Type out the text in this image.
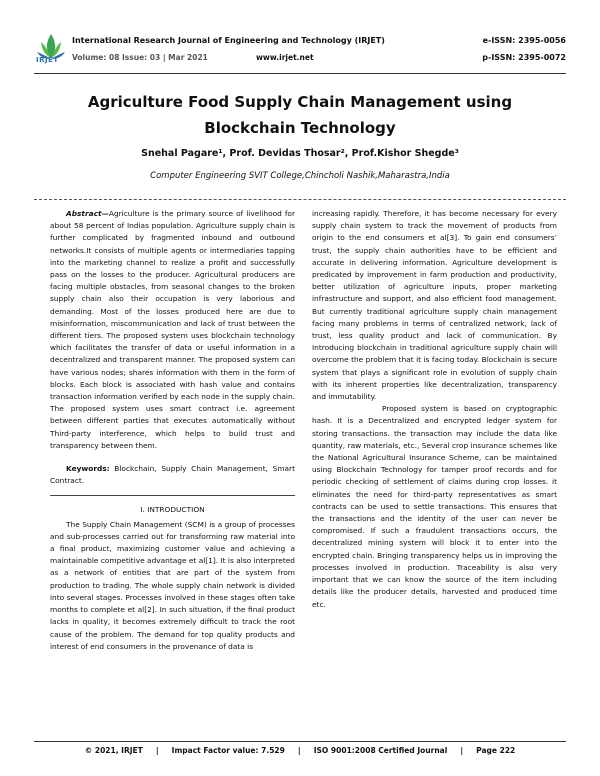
IRJET
International Research Journal of Engineering and Technology (IRJET)
Volume: 08 Issue: 03 | Mar 2021	www.irjet.net
e-ISSN: 2395-0056
p-ISSN: 2395-0072
Agriculture Food Supply Chain Management using Blockchain Technology
Snehal Pagare¹, Prof. Devidas Thosar², Prof.Kishor Shegde³
Computer Engineering SVIT College,Chincholi Nashik,Maharastra,India

Abstract—Agriculture is the primary source of livelihood for about 58 percent of Indias population. Agriculture supply chain is further complicated by fragmented inbound and outbound networks.It consists of multiple agents or intermediaries tapping into the marketing channel to realize a profit and successfully pass on the losses to the producer. Agricultural producers are facing multiple obstacles, from seasonal changes to the broken supply chain also their occupation is very laborious and demanding. Most of the losses produced here are due to misinformation, miscommunication and lack of trust between the different tiers. The proposed system uses blockchain technology which facilitates the transfer of data or useful information in a decentralized and transparent manner. The proposed system can have various nodes; shares information with them in the form of blocks. Each block is associated with hash value and contains transaction information verified by each node in the supply chain. The proposed system uses smart contract i.e. agreement between different parties that executes automatically without Third-party interference, which helps to build trust and transparency between them.

Keywords: Blockchain, Supply Chain Management, Smart Contract.

I. INTRODUCTION

The Supply Chain Management (SCM) is a group of processes and sub-processes carried out for transforming raw material into a final product, maximizing customer value and achieving a maintainable competitive advantage et al[1]. It is also interpreted as a network of entities that are part of the system from production to trading. The whole supply chain network is divided into several stages. Processes involved in these stages often take months to complete et al[2]. In such situation, if the final product lacks in quality, it becomes extremely difficult to track the root cause of the problem. The demand for top quality products and interest of end consumers in the provenance of data is

increasing rapidly. Therefore, it has become necessary for every supply chain system to track the movement of products from origin to the end consumers et al[3]. To gain end consumers’ trust, the supply chain authorities have to be efficient and accurate in delivering information. Agriculture development is predicated by improvement in farm production and productivity, better utilization of agriculture inputs, proper marketing infrastructure and support, and also efficient food management. But currently traditional agriculture supply chain management facing many problems in terms of centralized network, lack of trust, less quality product and lack of communication. By Introducing blockchain in traditional agriculture supply chain will overcome the problem that it is facing today. Blockchain is secure system that plays a significant role in evolution of supply chain with its inherent properties like decentralization, transparency and immutability.

Proposed system is based on cryptographic hash. It is a Decentralized and encrypted ledger system for storing transactions. the transaction may include the data like quantity, raw materials, etc., Several crop insurance schemes like the National Agricultural Insurance Scheme, can be maintained using Blockchain Technology for tamper proof records and for periodic checking of settlement of claims during crop losses. it eliminates the need for third-party representatives as smart contracts can be used to settle transactions. This ensures that the transactions and the identity of the user can never be compromised. If such a fraudulent transactions occurs, the decentralized mining system will block it to enter into the encrypted chain. Bringing transparency helps us in improving the processes involved in production. Traceability is also very important that we can know the source of the item including details like the producer details, harvested and produced time etc.

© 2021, IRJET | Impact Factor value: 7.529 | ISO 9001:2008 Certified Journal | Page 222
